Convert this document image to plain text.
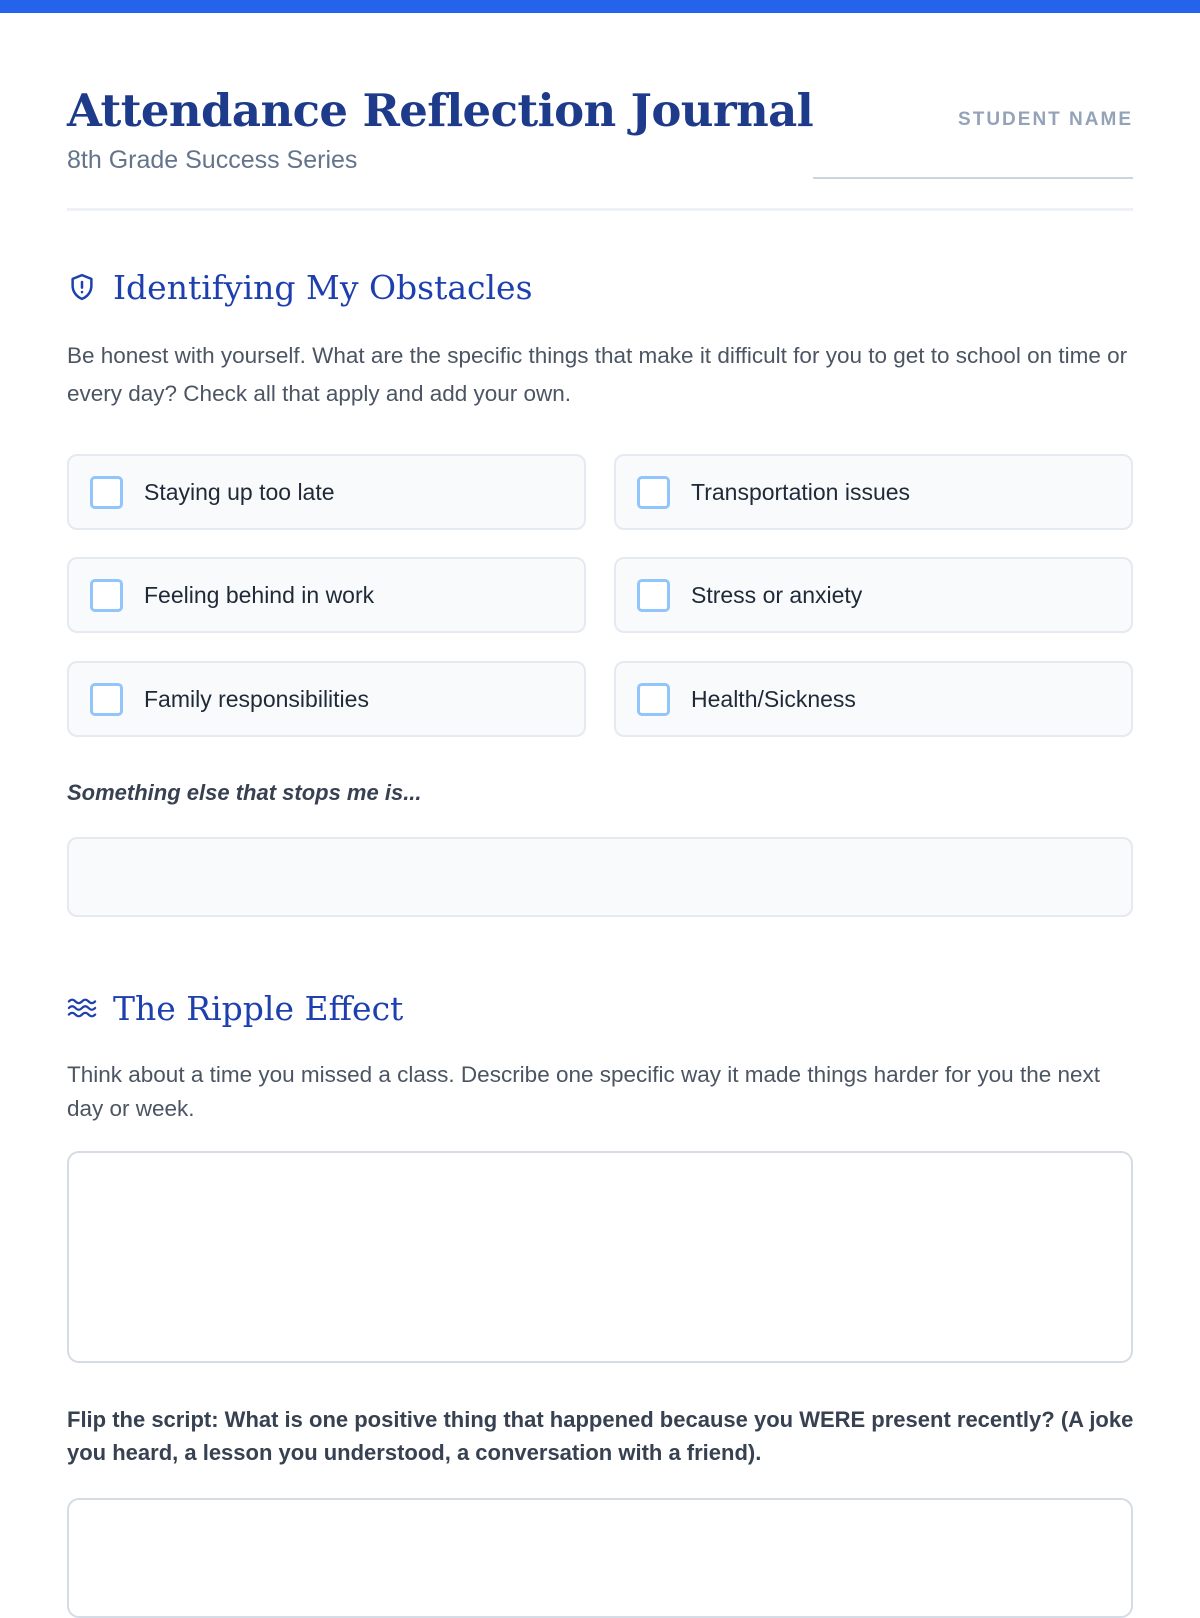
Attendance Reflection Journal
8th Grade Success Series
STUDENT NAME
Identifying My Obstacles
Be honest with yourself. What are the specific things that make it difficult for you to get to school on time or every day? Check all that apply and add your own.
Staying up too late	Transportation issues
Feeling behind in work	Stress or anxiety
Family responsibilities	Health/Sickness
Something else that stops me is...
The Ripple Effect
Think about a time you missed a class. Describe one specific way it made things harder for you the next day or week.
Flip the script: What is one positive thing that happened because you WERE present recently? (A joke you heard, a lesson you understood, a conversation with a friend).
